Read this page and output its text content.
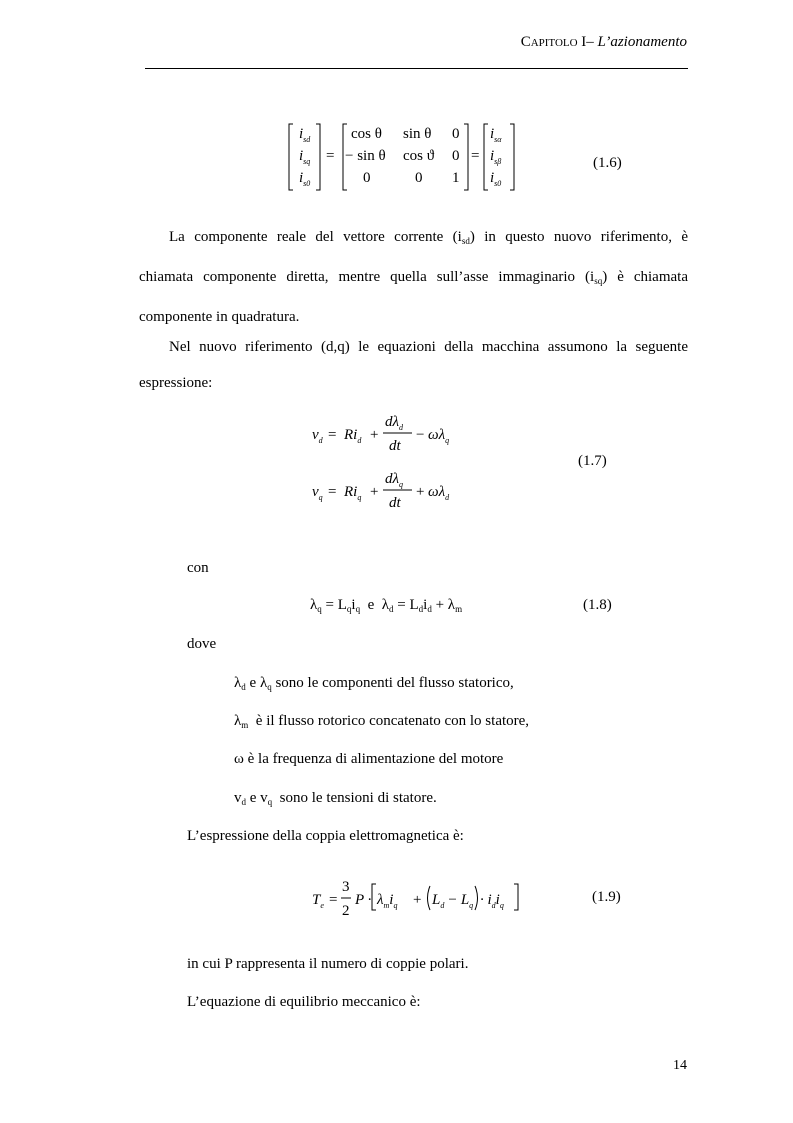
Capitolo I– L’azionamento
$i_{sd}$
$i_{sq}$
$i_{s0}$
=
cos θ sin θ 0
− sin θ cos ϑ 0
0	0 1
=
$i_{s\alpha}$
$i_{s\beta}$
$i_{s0}$
(1.6)
La componente reale del vettore corrente $(i_{sd})$ in questo nuovo riferimento, è
chiamata componente diretta, mentre quella sull’asse immaginario $(i_{sq})$ è chiamata
componente in quadratura.
Nel nuovo riferimento (d,q) le equazioni della macchina assumono la seguente
espressione:
$v_d = Ri_d$ +
$d\lambda_d$
dt
− $\omega\lambda_q$
$v_q = Ri_q$ +
$d\lambda_q$
dt
+ $\omega\lambda_d$
(1.7)
con
$\lambda_q = L_qi_q$  e  $\lambda_d = L_di_d + \lambda_m$	(1.8)
dove
$\lambda_d$ e $\lambda_q$ sono le componenti del flusso statorico,
$\lambda_m$  è il flusso rotorico concatenato con lo statore,
ω è la frequenza di alimentazione del motore
$v_d$ e $v_q$  sono le tensioni di statore.
L’espressione della coppia elettromagnetica è:
$T_e$ =
3
2
$P \cdot \lambda_mi_q + L_d - L_q \cdot i_di_q$
(1.9)
in cui P rappresenta il numero di coppie polari.
L’equazione di equilibrio meccanico è:
14
